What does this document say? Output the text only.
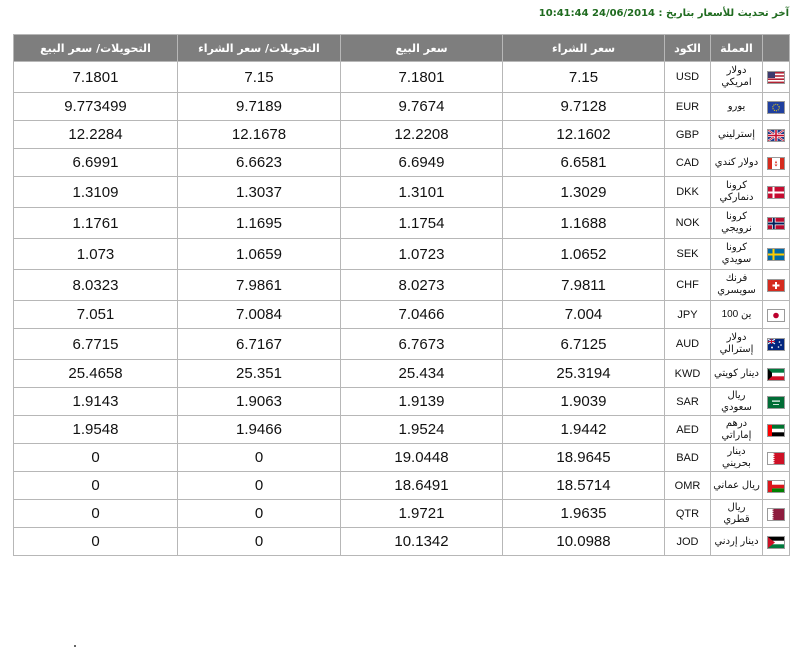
آخر تحديث للأسعار بتاريخ : 24/06/2014 10:41:44
	العملة	الكود	سعر الشراء	سعر البيع	التحويلات/ سعر الشراء	التحويلات/ سعر البيع

	دولار امريكي	USD	7.15	7.1801	7.15	7.1801

	يورو	EUR	9.7128	9.7674	9.7189	9.773499

	إسترليني	GBP	12.1602	12.2208	12.1678	12.2284

	دولار كندي	CAD	6.6581	6.6949	6.6623	6.6991

	كرونا دنماركي	DKK	1.3029	1.3101	1.3037	1.3109

	كرونا نرويجي	NOK	1.1688	1.1754	1.1695	1.1761

	كرونا سويدي	SEK	1.0652	1.0723	1.0659	1.073

	فرنك سويسري	CHF	7.9811	8.0273	7.9861	8.0323

	ين 100	JPY	7.004	7.0466	7.0084	7.051

	دولار إسترالي	AUD	6.7125	6.7673	6.7167	6.7715

	دينار كويتي	KWD	25.3194	25.434	25.351	25.4658

	ريال سعودي	SAR	1.9039	1.9139	1.9063	1.9143

	درهم إماراتي	AED	1.9442	1.9524	1.9466	1.9548

	دينار بحريني	BAD	18.9645	19.0448	0	0

	ريال عماني	OMR	18.5714	18.6491	0	0

	ريال قطري	QTR	1.9635	1.9721	0	0

	دينار إردني	JOD	10.0988	10.1342	0	0
